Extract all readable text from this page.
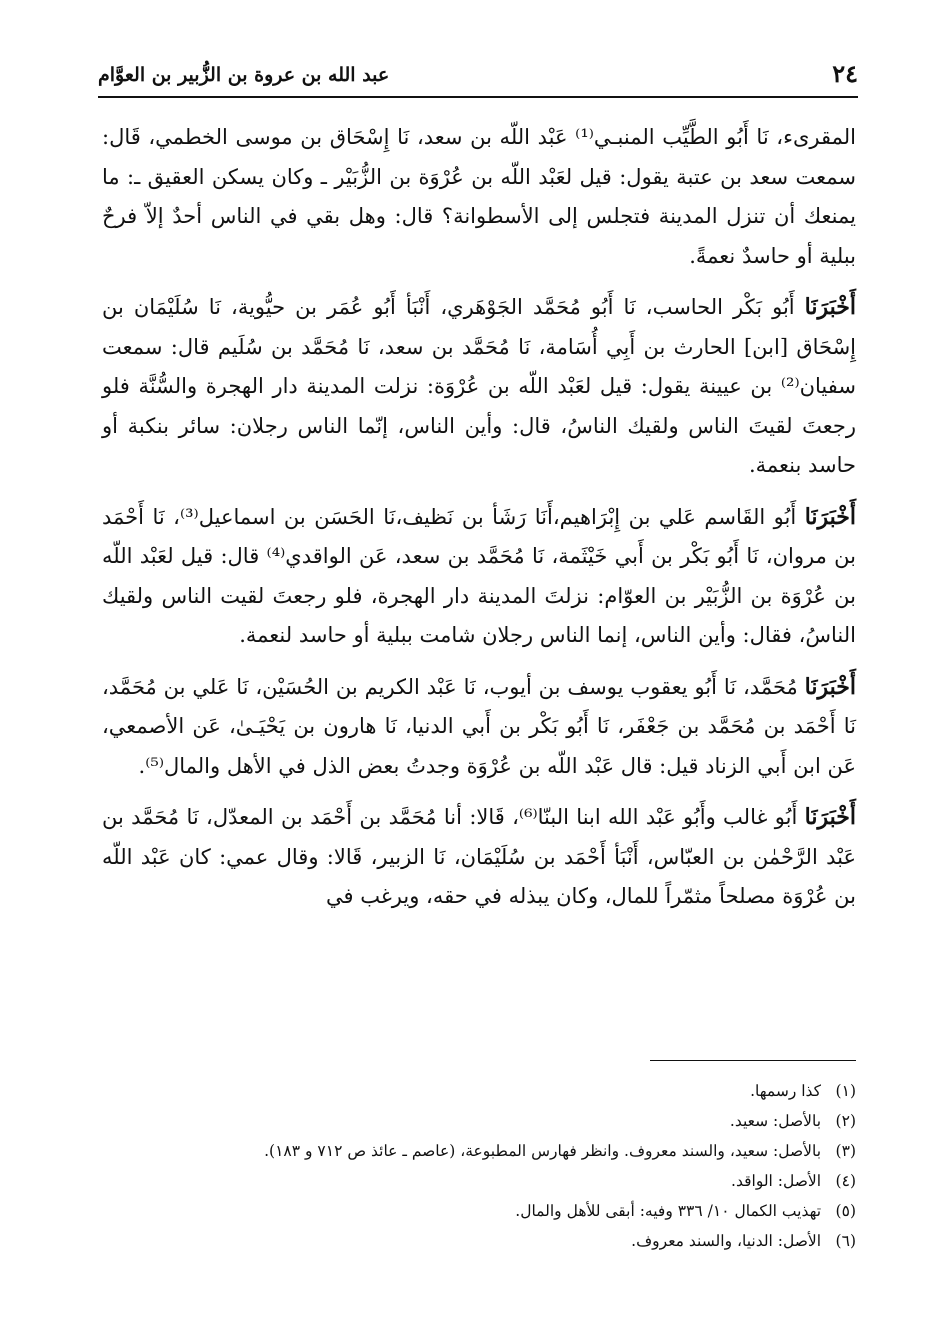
٢٤
عبد الله بن عروة بن الزُّبير بن العوَّام

المقرىء، نَا أَبُو الطَّيِّب المنبـي⁽¹⁾ عَبْد اللّه بن سعد، نَا إِسْحَاق بن موسى الخطمي، قَال: سمعت سعد بن عتبة يقول: قيل لعَبْد اللّه بن عُرْوَة بن الزُّبَيْر ـ وكان يسكن العقيق ـ: ما يمنعك أن تنزل المدينة فتجلس إلى الأسطوانة؟ قال: وهل بقي في الناس أحدٌ إلاّ فرحٌ ببلية أو حاسدٌ نعمةً.

أَخْبَرَنَا أَبُو بَكْر الحاسب، نَا أَبُو مُحَمَّد الجَوْهَري، أَنْبَأ أَبُو عُمَر بن حيُّوية، نَا سُلَيْمَان بن إِسْحَاق [ابن] الحارث بن أَبِي أُسَامة، نَا مُحَمَّد بن سعد، نَا مُحَمَّد بن سُلَيم قال: سمعت سفيان⁽²⁾ بن عيينة يقول: قيل لعَبْد اللّه بن عُرْوَة: نزلت المدينة دار الهجرة والسُّنَّة فلو رجعتَ لقيتَ الناس ولقيك الناسُ، قال: وأين الناس، إنّما الناس رجلان: سائر بنكبة أو حاسد بنعمة.

أَخْبَرَنَا أَبُو القَاسم عَلي بن إِبْرَاهيم،أَنَا رَشَأ بن نَظيف،نَا الحَسَن بن اسماعيل⁽³⁾، نَا أَحْمَد بن مروان، نَا أَبُو بَكْر بن أَبي خَيْثَمة، نَا مُحَمَّد بن سعد، عَن الواقدي⁽⁴⁾ قال: قيل لعَبْد اللّه بن عُرْوَة بن الزُّبَيْر بن العوّام: نزلتَ المدينة دار الهجرة، فلو رجعتَ لقيت الناس ولقيك الناسُ، فقال: وأين الناس، إنما الناس رجلان شامت ببلية أو حاسد لنعمة.

أَخْبَرَنَا مُحَمَّد، نَا أَبُو يعقوب يوسف بن أيوب، نَا عَبْد الكريم بن الحُسَيْن، نَا عَلي بن مُحَمَّد، نَا أَحْمَد بن مُحَمَّد بن جَعْفَر، نَا أَبُو بَكْر بن أَبي الدنيا، نَا هارون بن يَحْيَـىٰ، عَن الأصمعي، عَن ابن أَبي الزناد قيل: قال عَبْد اللّه بن عُرْوَة وجدتُ بعض الذل في الأهل والمال⁽⁵⁾.

أَخْبَرَنَا أَبُو غالب وأَبُو عَبْد الله ابنا البنّا⁽⁶⁾، قَالا: أنا مُحَمَّد بن أَحْمَد بن المعدّل، نَا مُحَمَّد بن عَبْد الرَّحْمٰن بن العبّاس، أَنْبَأ أَحْمَد بن سُلَيْمَان، نَا الزبير، قَالا: وقال عمي: كان عَبْد اللّه بن عُرْوَة مصلحاً مثمّراً للمال، وكان يبذله في حقه، ويرغب في

(١) كذا رسمها.
(٢) بالأصل: سعيد.
(٣) بالأصل: سعيد، والسند معروف. وانظر فهارس المطبوعة، (عاصم ـ عائذ ص ٧١٢ و ١٨٣).
(٤) الأصل: الواقد.
(٥) تهذيب الكمال ١٠/ ٣٣٦ وفيه: أبقى للأهل والمال.
(٦) الأصل: الدنيا، والسند معروف.
